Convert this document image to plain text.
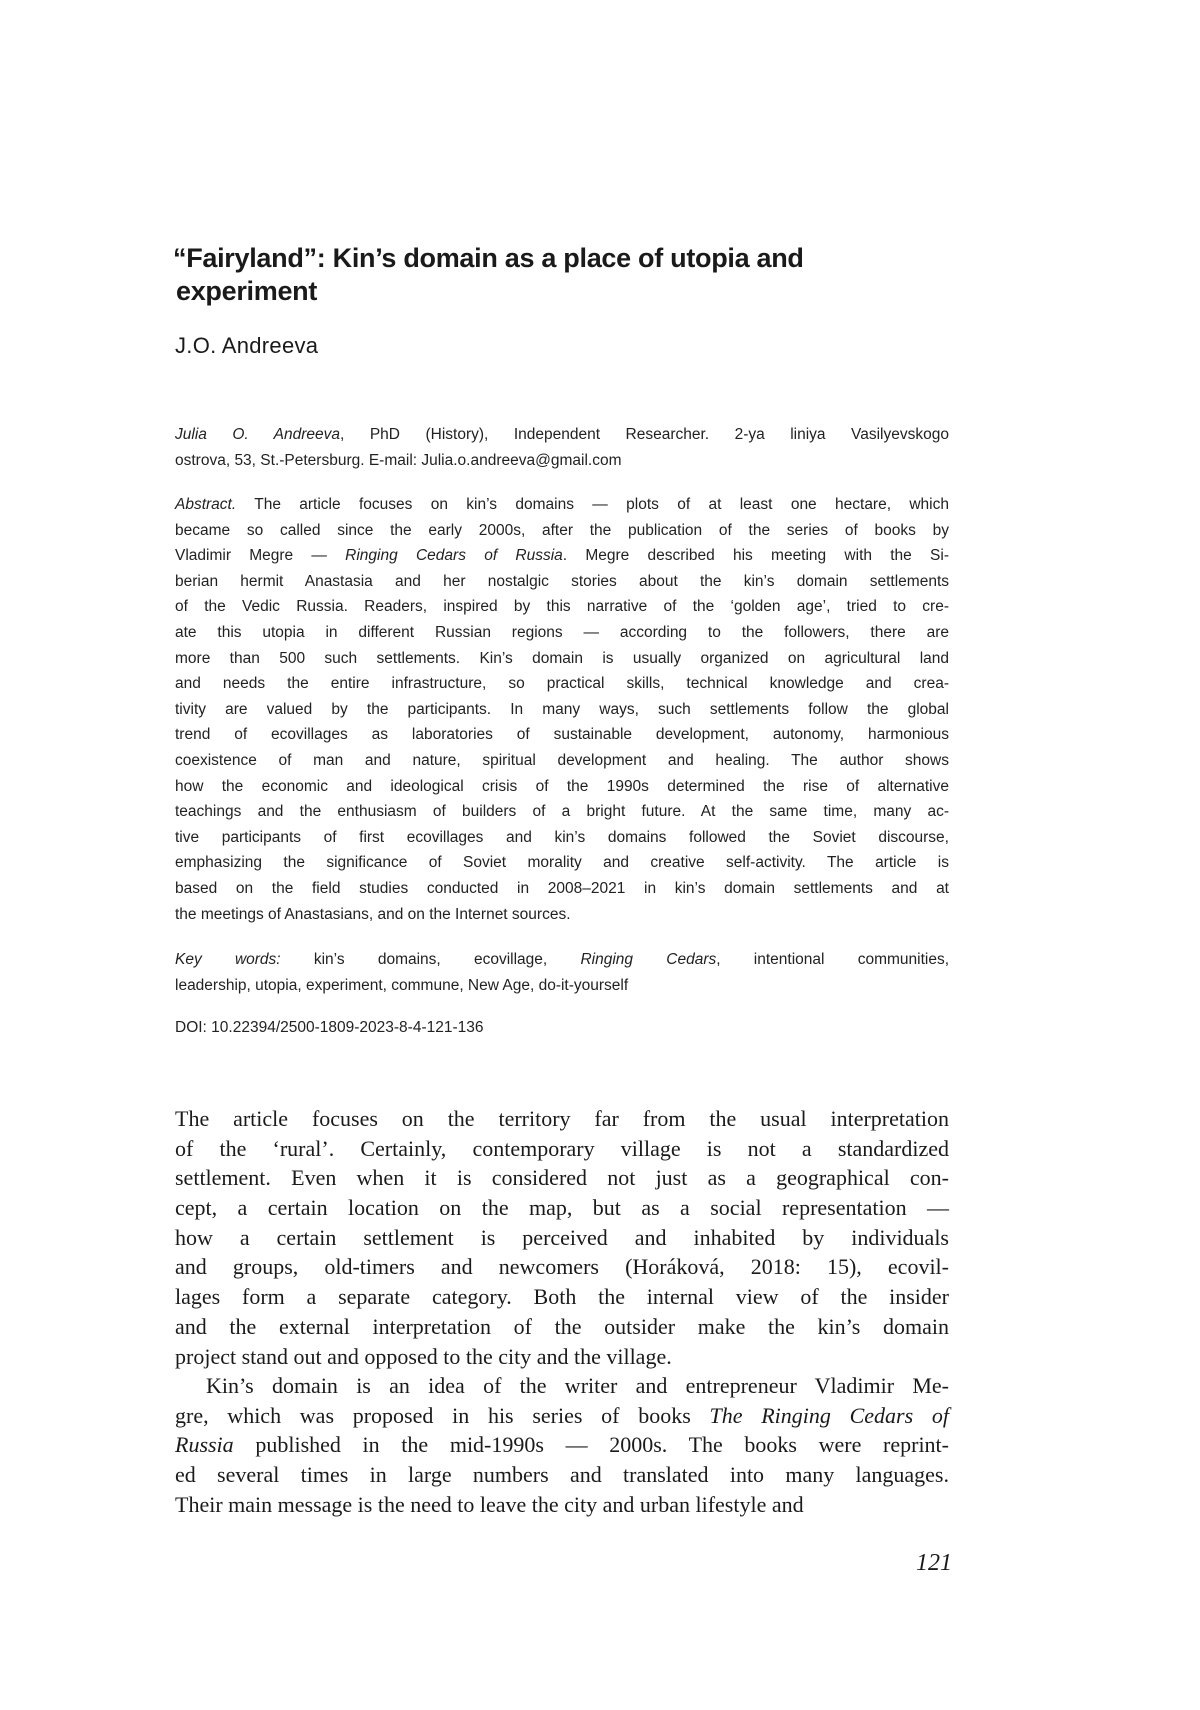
“Fairyland”: Kin’s domain as a place of utopia and
experiment
J.O. Andreeva
Julia O. Andreeva, PhD (History), Independent Researcher. 2-ya liniya Vasilyevskogo
ostrova, 53, St.-Petersburg. E-mail: Julia.o.andreeva@gmail.com
Abstract. The article focuses on kin’s domains — plots of at least one hectare, which
became so called since the early 2000s, after the publication of the series of books by
Vladimir Megre — Ringing Cedars of Russia. Megre described his meeting with the Si-
berian hermit Anastasia and her nostalgic stories about the kin’s domain settlements
of the Vedic Russia. Readers, inspired by this narrative of the ‘golden age’, tried to cre-
ate this utopia in different Russian regions — according to the followers, there are
more than 500 such settlements. Kin’s domain is usually organized on agricultural land
and needs the entire infrastructure, so practical skills, technical knowledge and crea-
tivity are valued by the participants. In many ways, such settlements follow the global
trend of ecovillages as laboratories of sustainable development, autonomy, harmonious
coexistence of man and nature, spiritual development and healing. The author shows
how the economic and ideological crisis of the 1990s determined the rise of alternative
teachings and the enthusiasm of builders of a bright future. At the same time, many ac-
tive participants of first ecovillages and kin’s domains followed the Soviet discourse,
emphasizing the significance of Soviet morality and creative self-activity. The article is
based on the field studies conducted in 2008–2021 in kin’s domain settlements and at
the meetings of Anastasians, and on the Internet sources.
Key words: kin’s domains, ecovillage, Ringing Cedars, intentional communities,
leadership, utopia, experiment, commune, New Age, do-it-yourself
DOI: 10.22394/2500-1809-2023-8-4-121-136
The article focuses on the territory far from the usual interpretation
of the ‘rural’. Certainly, contemporary village is not a standardized
settlement. Even when it is considered not just as a geographical con-
cept, a certain location on the map, but as a social representation —
how a certain settlement is perceived and inhabited by individuals
and groups, old-timers and newcomers (Horáková, 2018: 15), ecovil-
lages form a separate category. Both the internal view of the insider
and the external interpretation of the outsider make the kin’s domain
project stand out and opposed to the city and the village.
Kin’s domain is an idea of the writer and entrepreneur Vladimir Me-
gre, which was proposed in his series of books The Ringing Cedars of
Russia published in the mid-1990s — 2000s. The books were reprint-
ed several times in large numbers and translated into many languages.
Their main message is the need to leave the city and urban lifestyle and
121
